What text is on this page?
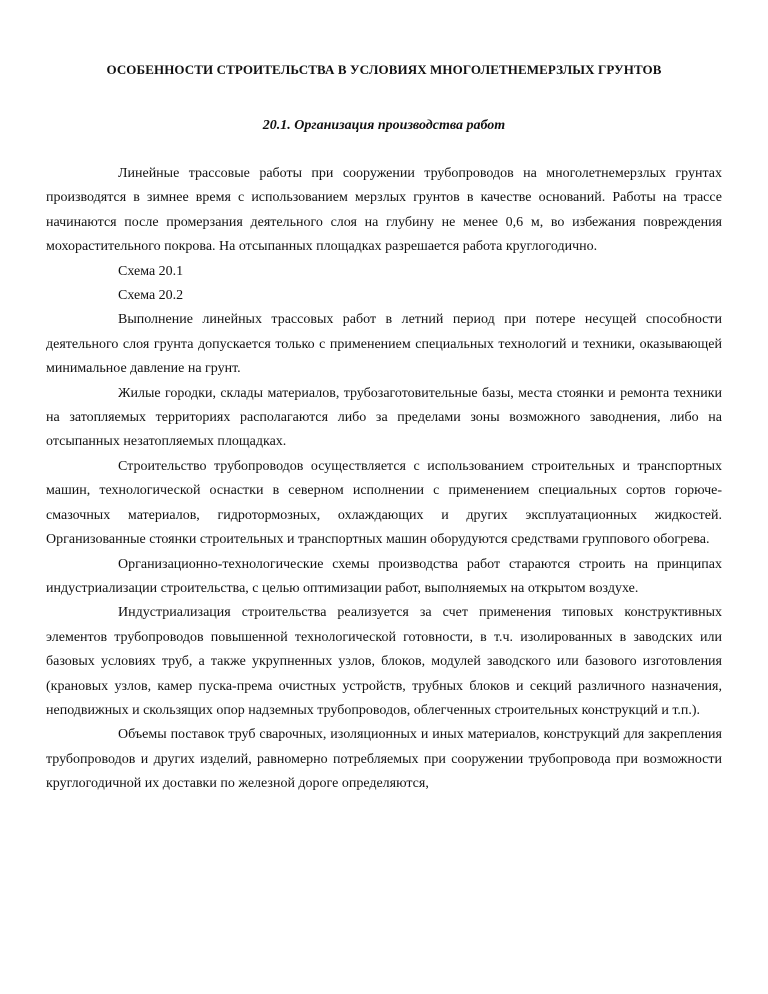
ОСОБЕННОСТИ СТРОИТЕЛЬСТВА В УСЛОВИЯХ МНОГОЛЕТНЕМЕРЗЛЫХ ГРУНТОВ
20.1. Организация производства работ

Линейные трассовые работы при сооружении трубопроводов на многолетнемерзлых грунтах производятся в зимнее время с использованием мерзлых грунтов в качестве оснований. Работы на трассе начинаются после промерзания деятельного слоя на глубину не менее 0,6 м, во избежания повреждения мохорастительного покрова. На отсыпанных площадках разрешается работа круглогодично.

Схема 20.1

Схема 20.2

Выполнение линейных трассовых работ в летний период при потере несущей способности деятельного слоя грунта допускается только с применением специальных технологий и техники, оказывающей минимальное давление на грунт.

Жилые городки, склады материалов, трубозаготовительные базы, места стоянки и ремонта техники на затопляемых территориях располагаются либо за пределами зоны возможного заводнения, либо на отсыпанных незатопляемых площадках.

Строительство трубопроводов осуществляется с использованием строительных и транспортных машин, технологической оснастки в северном исполнении с применением специальных сортов горюче-смазочных материалов, гидротормозных, охлаждающих и других эксплуатационных жидкостей. Организованные стоянки строительных и транспортных машин оборудуются средствами группового обогрева.

Организационно-технологические схемы производства работ стараются строить на принципах индустриализации строительства, с целью оптимизации работ, выполняемых на открытом воздухе.

Индустриализация строительства реализуется за счет применения типовых конструктивных элементов трубопроводов повышенной технологической готовности, в т.ч. изолированных в заводских или базовых условиях труб, а также укрупненных узлов, блоков, модулей заводского или базового изготовления (крановых узлов, камер пуска-према очистных устройств, трубных блоков и секций различного назначения, неподвижных и скользящих опор надземных трубопроводов, облегченных строительных конструкций и т.п.).

Объемы поставок труб сварочных, изоляционных и иных материалов, конструкций для закрепления трубопроводов и других изделий, равномерно потребляемых при сооружении трубопровода при возможности круглогодичной их доставки по железной дороге определяются,
